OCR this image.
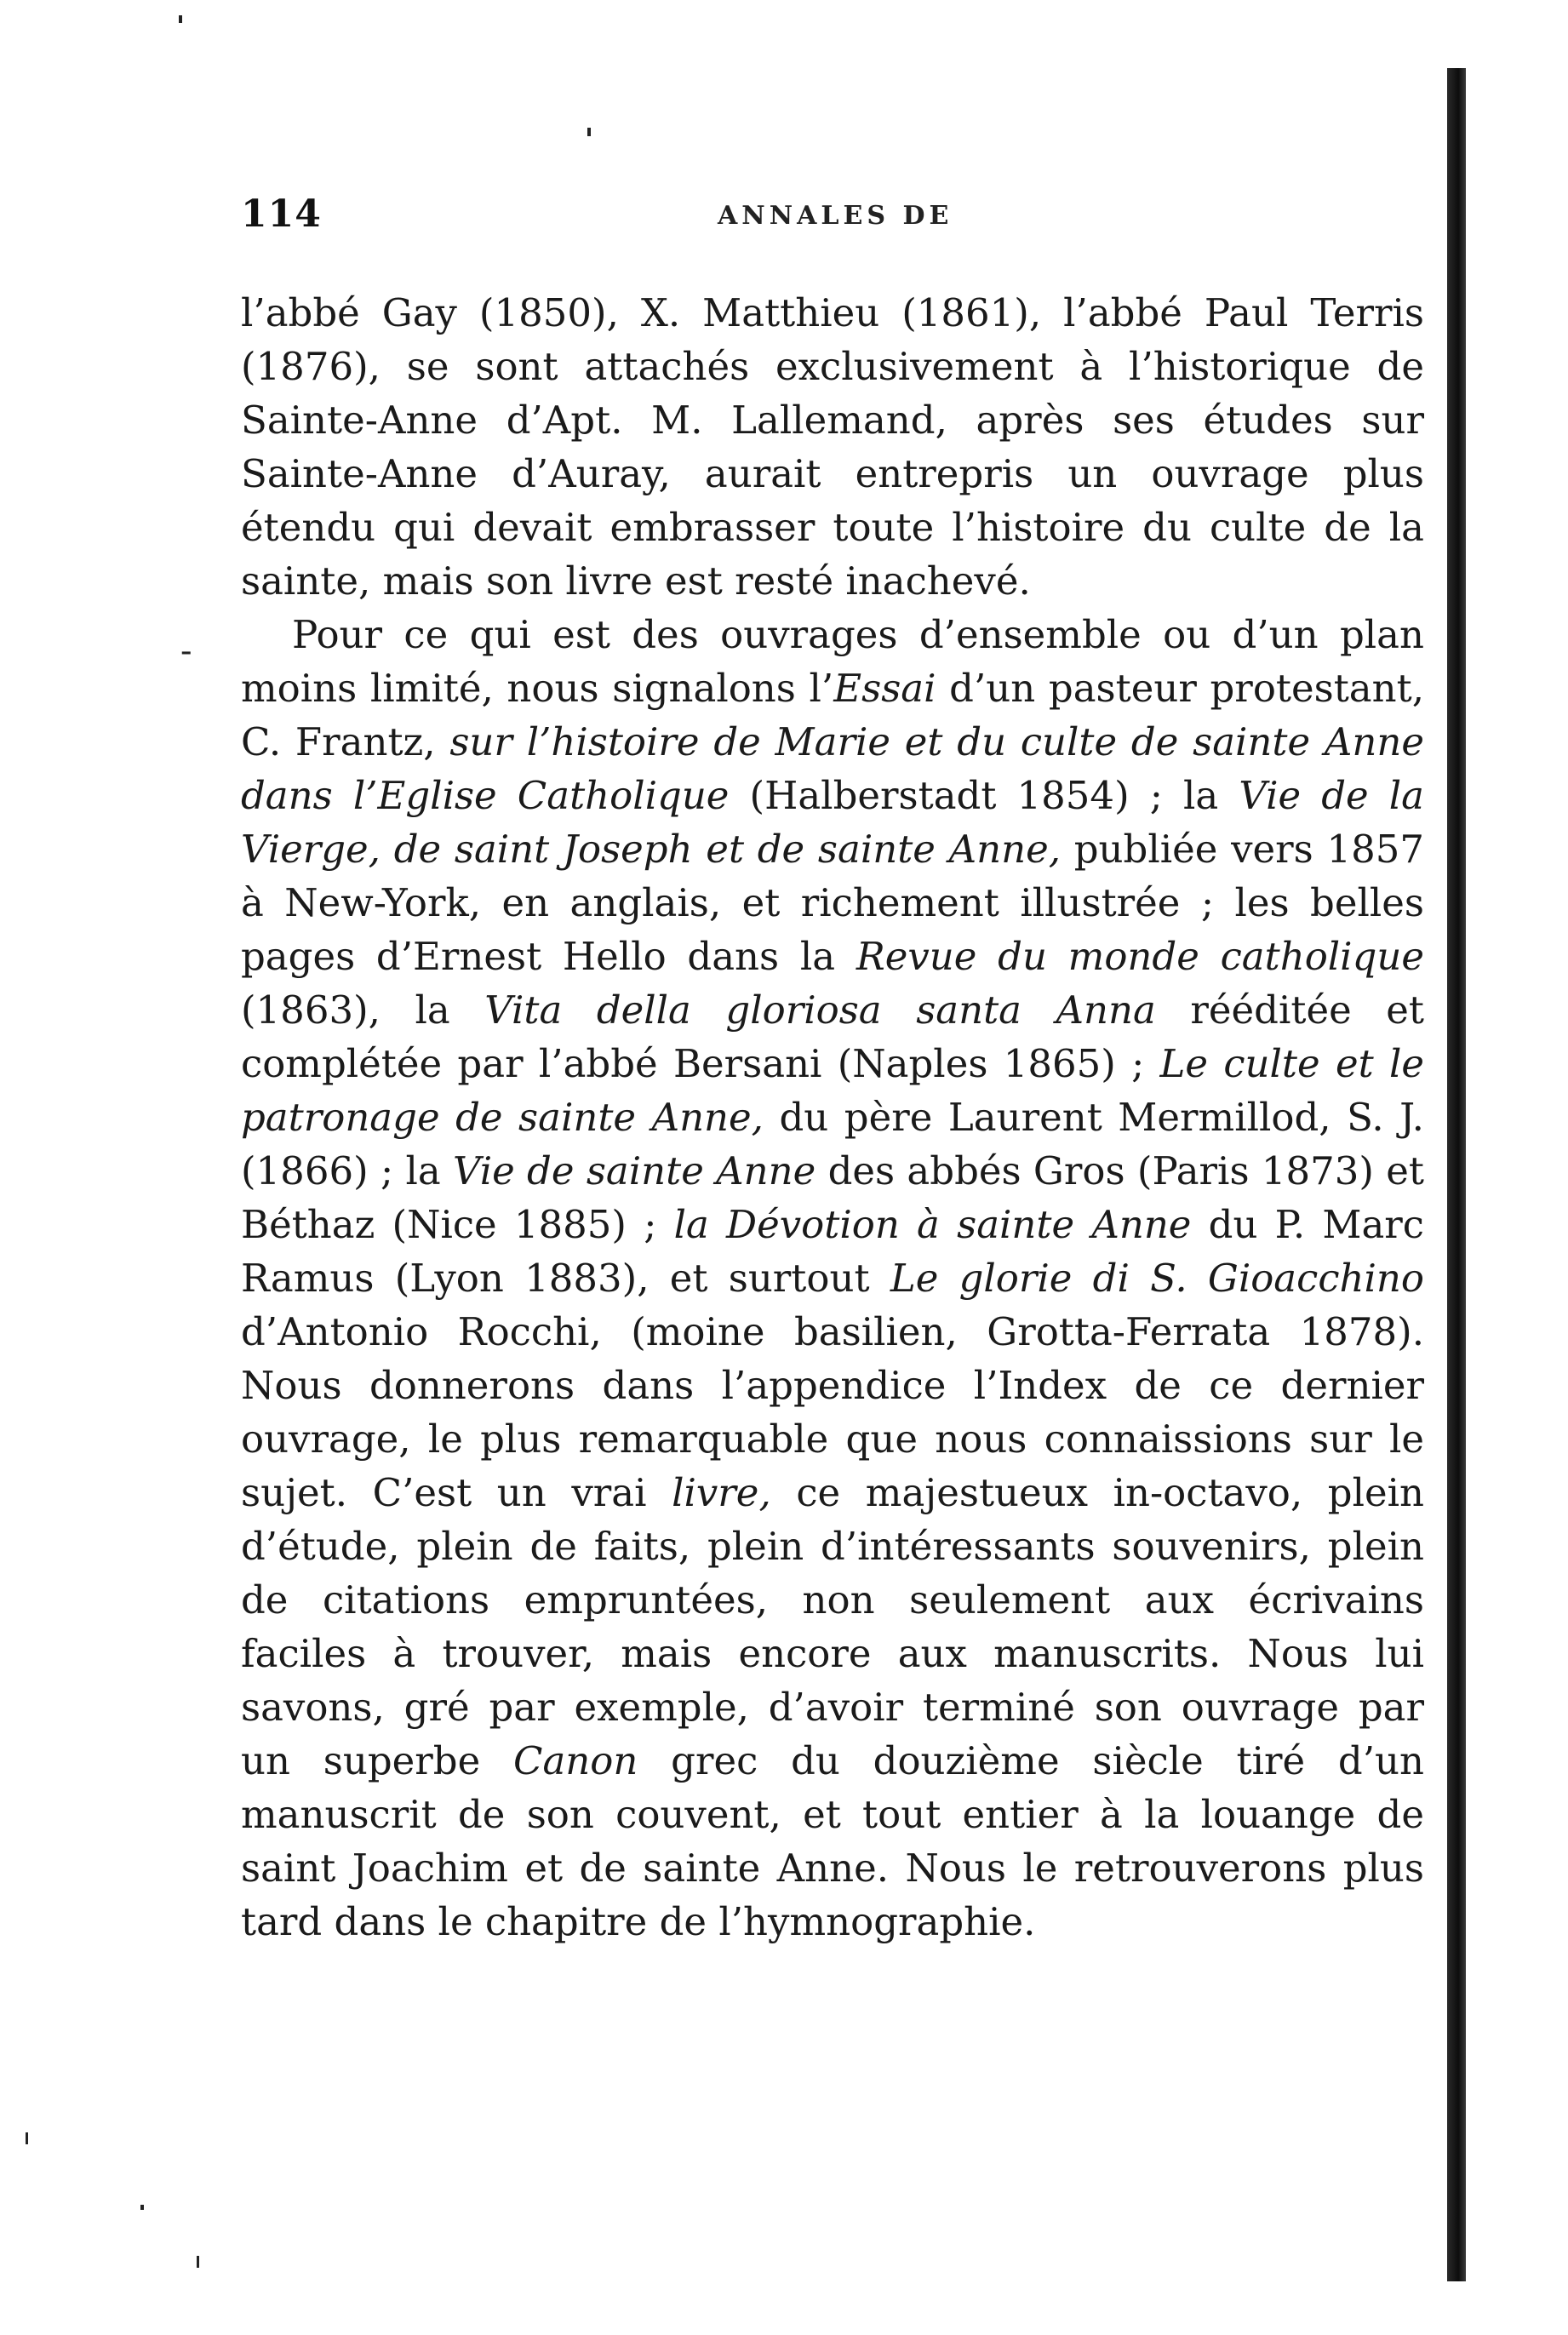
114	ANNALES DE
-

l’abbé Gay (1850), X. Matthieu (1861), l’abbé Paul Terris (1876), se sont attachés exclusivement à l’historique de Sainte-Anne d’Apt. M. Lallemand, après ses études sur Sainte-Anne d’Auray, aurait entrepris un ouvrage plus étendu qui devait embrasser toute l’histoire du culte de la sainte, mais son livre est resté inachevé.

Pour ce qui est des ouvrages d’ensemble ou d’un plan moins limité, nous signalons l’Essai d’un pasteur protestant, C. Frantz, sur l’histoire de Marie et du culte de sainte Anne dans l’Eglise Catholique (Halberstadt 1854) ; la Vie de la Vierge, de saint Joseph et de sainte Anne, publiée vers 1857 à New-York, en anglais, et richement illustrée ; les belles pages d’Ernest Hello dans la Revue du monde catholique (1863), la Vita della gloriosa santa Anna rééditée et complétée par l’abbé Bersani (Naples 1865) ; Le culte et le patronage de sainte Anne, du père Laurent Mermillod, S. J. (1866) ; la Vie de sainte Anne des abbés Gros (Paris 1873) et Béthaz (Nice 1885) ; la Dévotion à sainte Anne du P. Marc Ramus (Lyon 1883), et surtout Le glorie di S. Gioacchino d’Antonio Rocchi, (moine basilien, Grotta-Ferrata 1878). Nous donnerons dans l’appendice l’Index de ce dernier ouvrage, le plus remarquable que nous connaissions sur le sujet. C’est un vrai livre, ce majestueux in-octavo, plein d’étude, plein de faits, plein d’intéressants souvenirs, plein de citations empruntées, non seulement aux écrivains faciles à trouver, mais encore aux manuscrits. Nous lui savons, gré par exemple, d’avoir terminé son ouvrage par un superbe Canon grec du douzième siècle tiré d’un manuscrit de son couvent, et tout entier à la louange de saint Joachim et de sainte Anne. Nous le retrouverons plus tard dans le chapitre de l’hymnographie.
